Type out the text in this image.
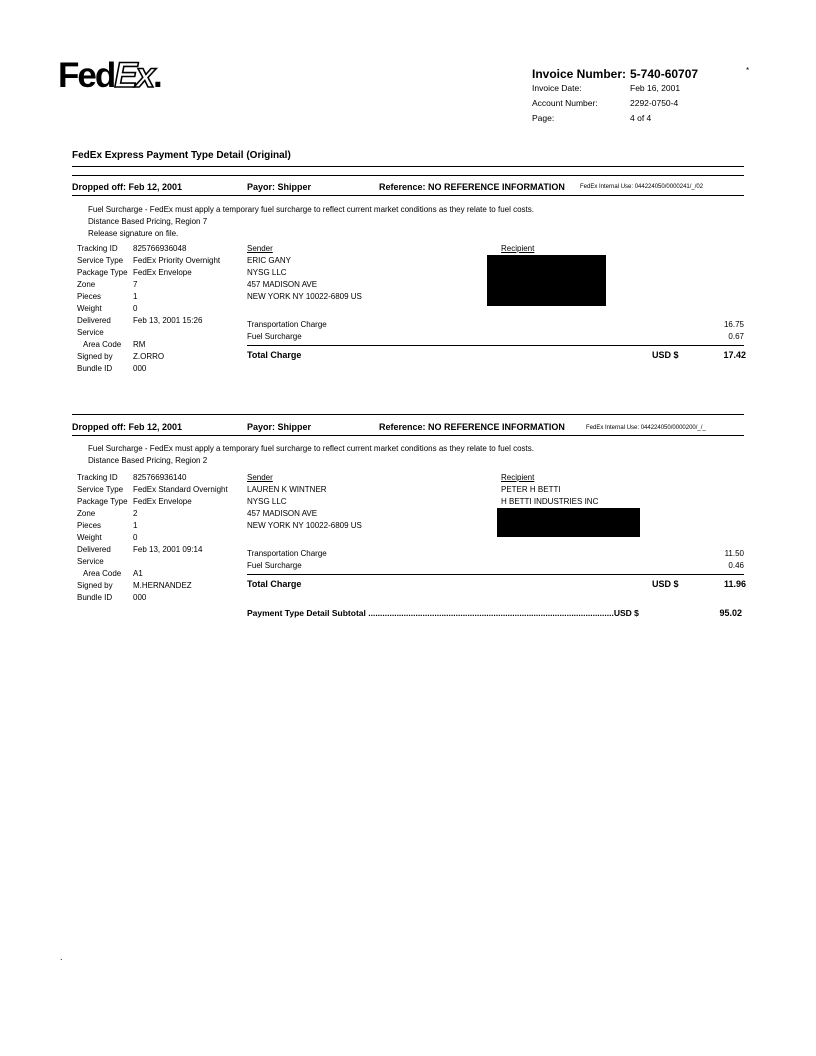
FedEx.	Invoice Number: 5-740-60707	*
Invoice Date:	Feb 16, 2001
Account Number:	2292-0750-4
Page:	4 of 4
FedEx Express Payment Type Detail (Original)
Dropped off: Feb 12, 2001	Payor: Shipper	Reference: NO REFERENCE INFORMATION	FedEx Internal Use: 044224050/0000241/_/02
Fuel Surcharge - FedEx must apply a temporary fuel surcharge to reflect current market conditions as they relate to fuel costs.
Distance Based Pricing, Region 7
Release signature on file.
Tracking ID 825766936048
Service Type FedEx Priority Overnight
Package Type FedEx Envelope
Zone	7
Pieces	1
Weight	0
Delivered	Feb 13, 2001 15:26
Service
Area Code RM
Signed by	Z.ORRO
Bundle ID	000
Sender
ERIC GANY
NYSG LLC
457 MADISON AVE
NEW YORK NY 10022-6809 US
Recipient
Transportation Charge	16.75
Fuel Surcharge	0.67
Total Charge	USD $	17.42
Dropped off: Feb 12, 2001	Payor: Shipper	Reference: NO REFERENCE INFORMATION	FedEx Internal Use: 044224050/0000200/_/_
Fuel Surcharge - FedEx must apply a temporary fuel surcharge to reflect current market conditions as they relate to fuel costs.
Distance Based Pricing, Region 2
Tracking ID 825766936140
Service Type FedEx Standard Overnight
Package Type FedEx Envelope
Zone	2
Pieces	1
Weight	0
Delivered	Feb 13, 2001 09:14
Service
Area Code A1
Signed by	M.HERNANDEZ
Bundle ID	000
Sender
LAUREN K WINTNER
NYSG LLC
457 MADISON AVE
NEW YORK NY 10022-6809 US
Recipient
PETER H BETTI
H BETTI INDUSTRIES INC
Transportation Charge	11.50
Fuel Surcharge	0.46
Total Charge	USD $	11.96
Payment Type Detail Subtotal ........................................................................................................USD $	95.02
.
